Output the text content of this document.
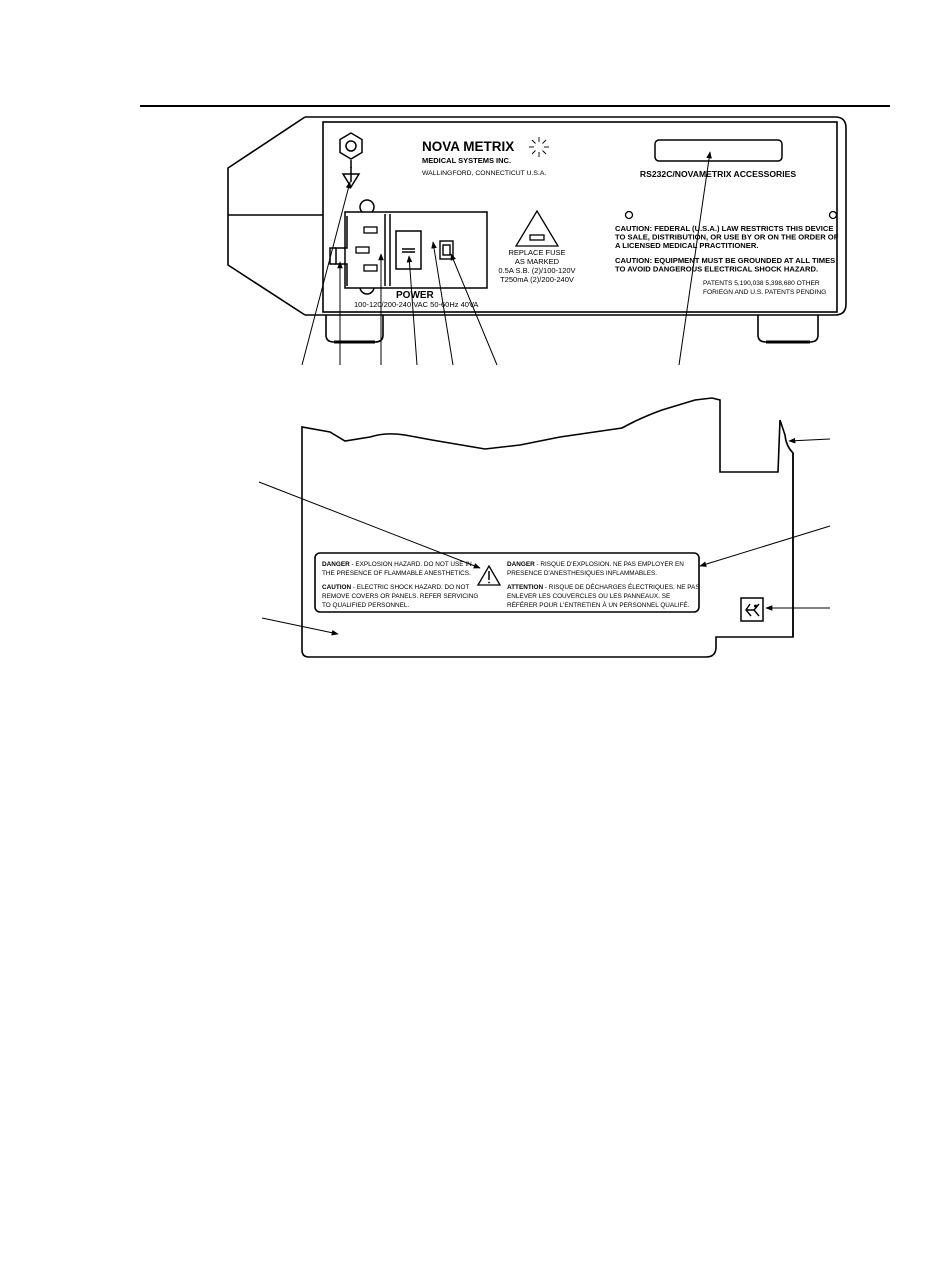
NOVA METRIX
MEDICAL SYSTEMS INC.
WALLINGFORD, CONNECTICUT U.S.A.	RS232C/NOVAMETRIX ACCESSORIES
POWER
100-120/200-240 VAC 50-60Hz 40VA
REPLACE FUSE
AS MARKED
0.5A S.B. (2)/100-120V
T250mA (2)/200-240V
CAUTION: FEDERAL (U.S.A.) LAW RESTRICTS THIS DEVICE
TO SALE, DISTRIBUTION, OR USE BY OR ON THE ORDER OF
A LICENSED MEDICAL PRACTITIONER.
CAUTION: EQUIPMENT MUST BE GROUNDED AT ALL TIMES
TO AVOID DANGEROUS ELECTRICAL SHOCK HAZARD.
PATENTS 5,190,038 5,398,680 OTHER
FORIEGN AND U.S. PATENTS PENDING
DANGER - EXPLOSION HAZARD. DO NOT USE IN
THE PRESENCE OF FLAMMABLE ANESTHETICS.
CAUTION - ELECTRIC SHOCK HAZARD. DO NOT
REMOVE COVERS OR PANELS. REFER SERVICING
TO QUALIFIED PERSONNEL.
DANGER - RISQUE D'EXPLOSION. NE PAS EMPLOYER EN
PRESENCE D'ANESTHESIQUES INFLAMMABLES.
ATTENTION - RISQUE DE DÉCHARGES ÉLECTRIQUES. NE PAS
ENLEVER LES COUVERCLES OU LES PANNEAUX. SE
RÉFÉRER POUR L'ENTRETIEN À UN PERSONNEL QUALIFÉ.
